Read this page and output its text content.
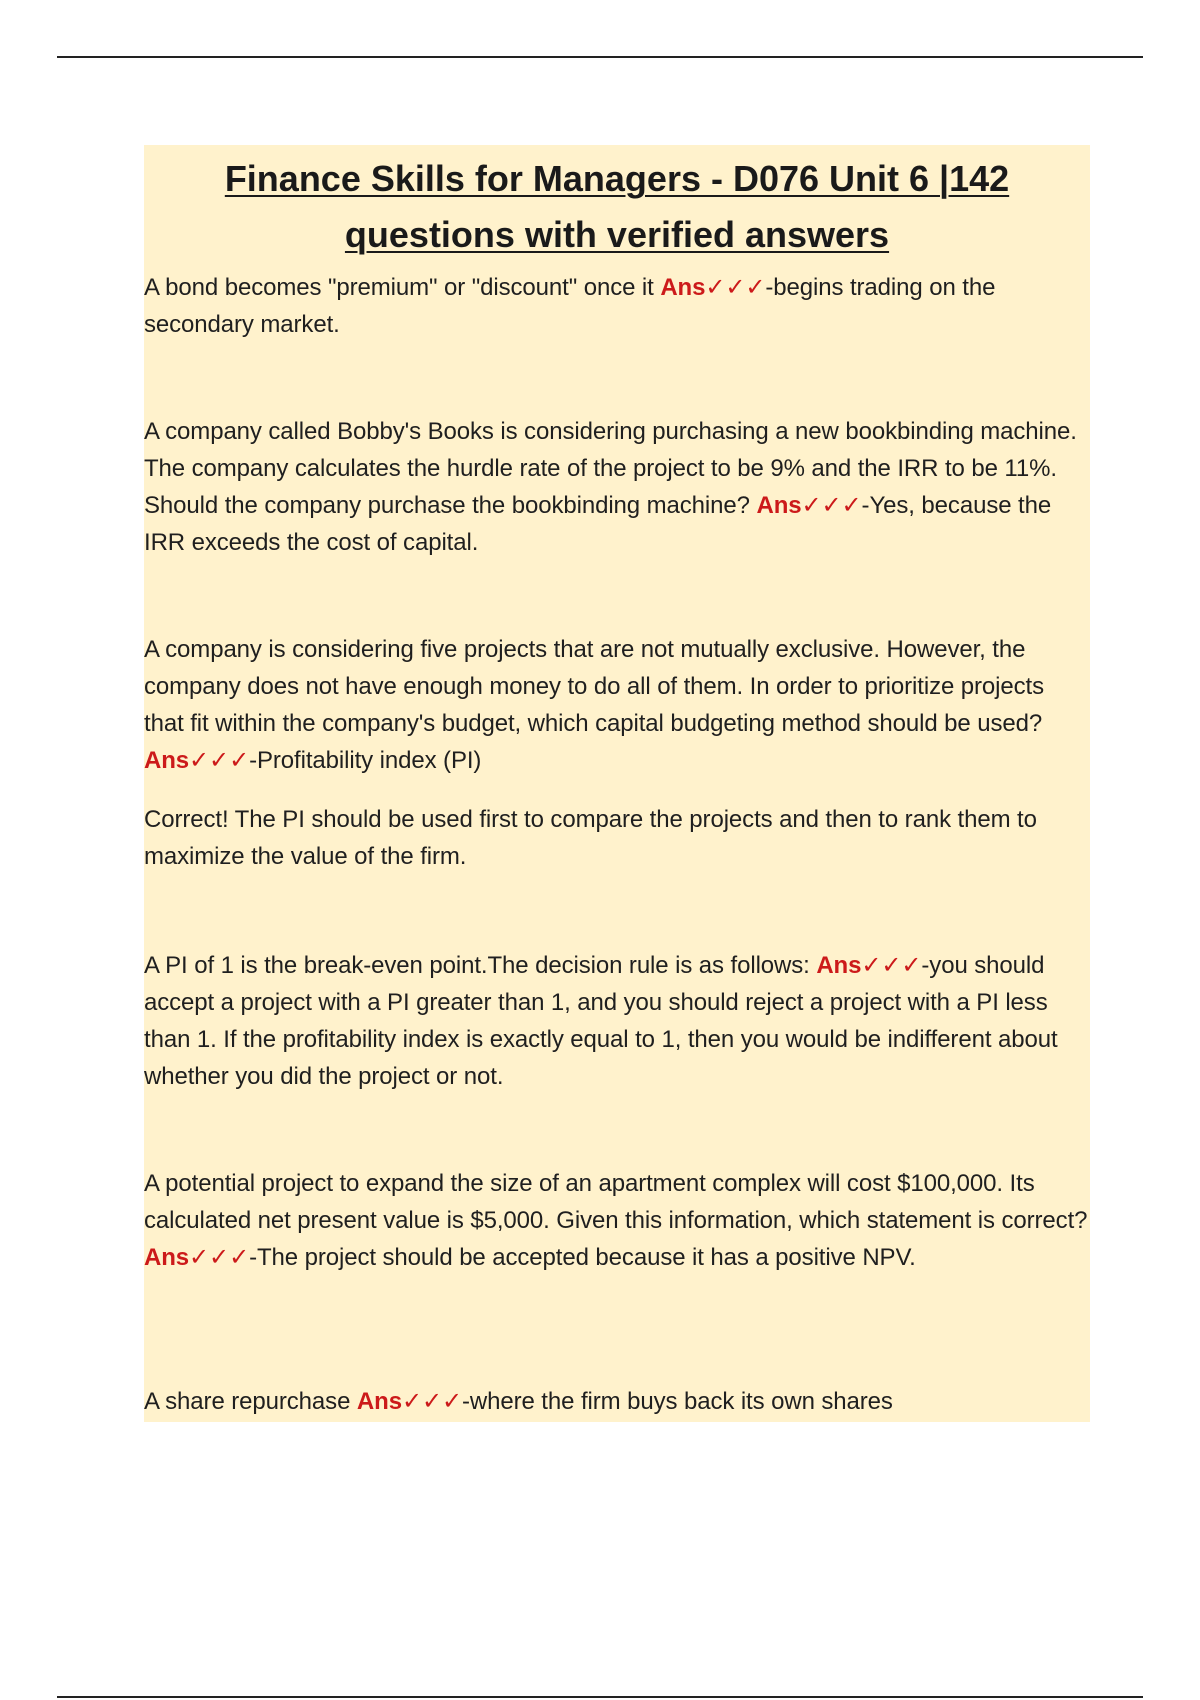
Finance Skills for Managers - D076 Unit 6 |142
questions with verified answers

A bond becomes "premium" or "discount" once it Ans✓✓✓-begins trading on the secondary market.

A company called Bobby's Books is considering purchasing a new bookbinding machine. The company calculates the hurdle rate of the project to be 9% and the IRR to be 11%. Should the company purchase the bookbinding machine? Ans✓✓✓-Yes, because the IRR exceeds the cost of capital.

A company is considering five projects that are not mutually exclusive. However, the company does not have enough money to do all of them. In order to prioritize projects that fit within the company's budget, which capital budgeting method should be used? Ans✓✓✓-Profitability index (PI)

Correct! The PI should be used first to compare the projects and then to rank them to maximize the value of the firm.

A PI of 1 is the break-even point.The decision rule is as follows: Ans✓✓✓-you should accept a project with a PI greater than 1, and you should reject a project with a PI less than 1. If the profitability index is exactly equal to 1, then you would be indifferent about whether you did the project or not.

A potential project to expand the size of an apartment complex will cost $100,000. Its calculated net present value is $5,000. Given this information, which statement is correct? Ans✓✓✓-The project should be accepted because it has a positive NPV.

A share repurchase Ans✓✓✓-where the firm buys back its own shares
